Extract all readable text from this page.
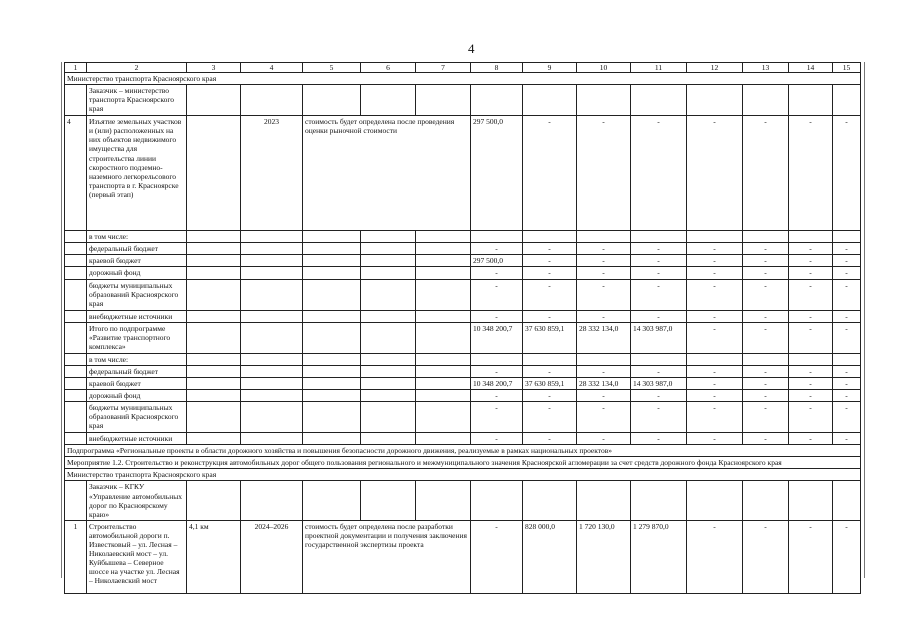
4
1	2	3	4	5	6	7	8	9	10	11	12	13	14	15
Министерство транспорта Красноярского края														
	Заказчик – министерство транспорта Красноярского края													
4	Изъятие земельных участков и (или) расположенных на них объектов недвижимого имущества для строительства линии скоростного подземно-наземного легкорельсового транспорта в г. Красноярске (первый этап)		2023	стоимость будет определена после проведения оценки рыночной стоимости			297 500,0	-	-	-	-	-	-	-
	в том числе:													
	федеральный бюджет						-	-	-	-	-	-	-	-
	краевой бюджет						297 500,0	-	-	-	-	-	-	-
	дорожный фонд						-	-	-	-	-	-	-	-
	бюджеты муниципальных образований Красноярского края						-	-	-	-	-	-	-	-
	внебюджетные источники						-	-	-	-	-	-	-	-
	Итого по подпрограмме «Развитие транспортного комплекса»						10 348 200,7	37 630 859,1	28 332 134,0	14 303 987,0	-	-	-	-
	в том числе:													
	федеральный бюджет						-	-	-	-	-	-	-	-
	краевой бюджет						10 348 200,7	37 630 859,1	28 332 134,0	14 303 987,0	-	-	-	-
	дорожный фонд						-	-	-	-	-	-	-	-
	бюджеты муниципальных образований Красноярского края						-	-	-	-	-	-	-	-
	внебюджетные источники						-	-	-	-	-	-	-	-
Подпрограмма «Региональные проекты в области дорожного хозяйства и повышения безопасности дорожного движения, реализуемые в рамках национальных проектов»														
Мероприятие 1.2. Строительство и реконструкция автомобильных дорог общего пользования регионального и межмуниципального значения Красноярской агломерации за счет средств дорожного фонда Красноярского края														
Министерство транспорта Красноярского края														
	Заказчик – КГКУ «Управление автомобильных дорог по Красноярскому краю»													
1	Строительство автомобильной дороги п. Известковый – ул. Лесная – Николаевский мост – ул. Куйбышева – Северное шоссе на участке ул. Лесная – Николаевский мост	4,1 км	2024–2026	стоимость будет определена после разработки проектной документации и получения заключения государственной экспертизы проекта			-	828 000,0	1 720 130,0	1 279 870,0	-	-	-	-
